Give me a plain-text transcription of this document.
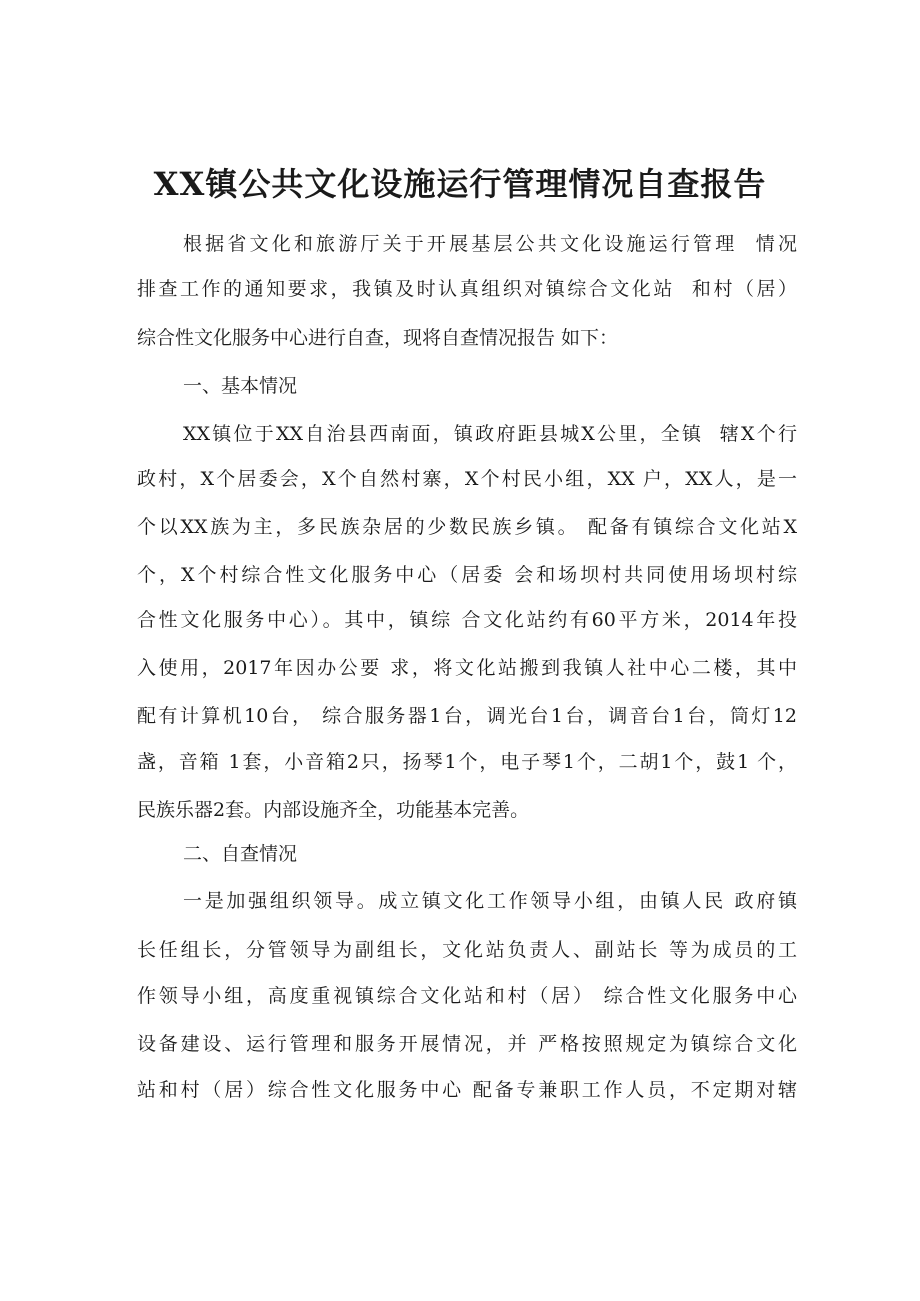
XX镇公共文化设施运行管理情况自查报告

根据省文化和旅游厅关于开展基层公共文化设施运行管理  情况

排查工作的通知要求，我镇及时认真组织对镇综合文化站  和村（居）

综合性文化服务中心进行自查，现将自查情况报告 如下：

一、基本情况

XX镇位于XX自治县西南面，镇政府距县城X公里，全镇  辖X个行

政村，X个居委会，X个自然村寨，X个村民小组，XX 户，XX人，是一

个以XX族为主，多民族杂居的少数民族乡镇。 配备有镇综合文化站X

个，X个村综合性文化服务中心（居委 会和场坝村共同使用场坝村综

合性文化服务中心）。其中，镇综 合文化站约有60平方米，2014年投

入使用，2017年因办公要 求，将文化站搬到我镇人社中心二楼，其中

配有计算机10台， 综合服务器1台，调光台1台，调音台1台，筒灯12

盏，音箱 1套，小音箱2只，扬琴1个，电子琴1个，二胡1个，鼓1 个，

民族乐器2套。内部设施齐全，功能基本完善。

二、自查情况

一是加强组织领导。成立镇文化工作领导小组，由镇人民 政府镇

长任组长，分管领导为副组长，文化站负责人、副站长 等为成员的工

作领导小组，高度重视镇综合文化站和村（居） 综合性文化服务中心

设备建设、运行管理和服务开展情况，并 严格按照规定为镇综合文化

站和村（居）综合性文化服务中心 配备专兼职工作人员，不定期对辖
